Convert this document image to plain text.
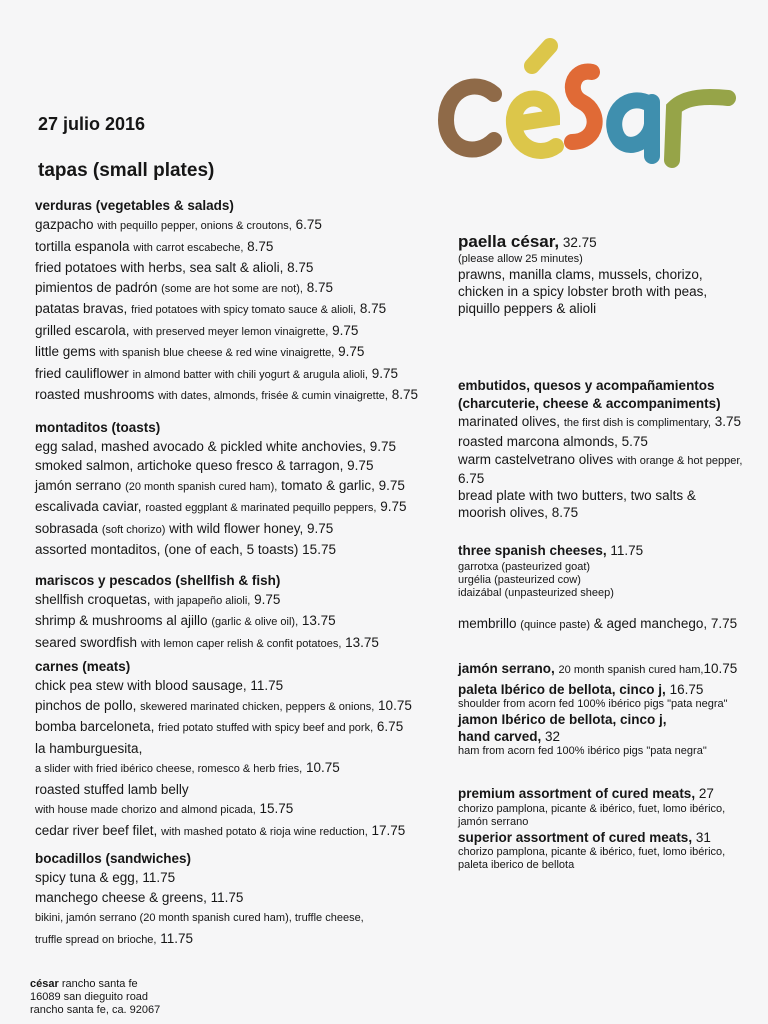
27 julio 2016
tapas (small plates)
verduras (vegetables & salads)
gazpacho with pequillo pepper, onions & croutons, 6.75
tortilla espanola with carrot escabeche, 8.75
fried potatoes with herbs, sea salt & alioli, 8.75
pimientos de padrón (some are hot some are not), 8.75
patatas bravas, fried potatoes with spicy tomato sauce & alioli, 8.75
grilled escarola, with preserved meyer lemon vinaigrette, 9.75
little gems with spanish blue cheese & red wine vinaigrette, 9.75
fried cauliflower in almond batter with chili yogurt & arugula alioli, 9.75
roasted mushrooms with dates, almonds, frisée & cumin vinaigrette, 8.75
montaditos (toasts)
egg salad, mashed avocado & pickled white anchovies, 9.75
smoked salmon, artichoke queso fresco & tarragon, 9.75
jamón serrano (20 month spanish cured ham), tomato & garlic, 9.75
escalivada caviar, roasted eggplant & marinated pequillo peppers, 9.75
sobrasada (soft chorizo) with wild flower honey, 9.75
assorted montaditos, (one of each, 5 toasts) 15.75
mariscos y pescados (shellfish & fish)
shellfish croquetas, with japapeño alioli, 9.75
shrimp & mushrooms al ajillo (garlic & olive oil), 13.75
seared swordfish with lemon caper relish & confit potatoes, 13.75
carnes (meats)
chick pea stew with blood sausage, 11.75
pinchos de pollo, skewered marinated chicken, peppers & onions, 10.75
bomba barceloneta, fried potato stuffed with spicy beef and pork, 6.75
la hamburguesita,
a slider with fried ibérico cheese, romesco & herb fries, 10.75
roasted stuffed lamb belly
with house made chorizo and almond picada, 15.75
cedar river beef filet, with mashed potato & rioja wine reduction, 17.75
bocadillos (sandwiches)
spicy tuna & egg, 11.75
manchego cheese & greens, 11.75
bikini, jamón serrano (20 month spanish cured ham), truffle cheese,
truffle spread on brioche, 11.75
paella césar, 32.75
(please allow 25 minutes)
prawns, manilla clams, mussels, chorizo,
chicken in a spicy lobster broth with peas,
piquillo peppers & alioli
embutidos, quesos y acompañamientos
(charcuterie, cheese & accompaniments)
marinated olives, the first dish is complimentary, 3.75
roasted marcona almonds, 5.75
warm castelvetrano olives with orange & hot pepper,
6.75
bread plate with two butters, two salts &
moorish olives, 8.75
three spanish cheeses, 11.75
garrotxa (pasteurized goat)
urgélia (pasteurized cow)
idaizábal (unpasteurized sheep)
membrillo (quince paste) & aged manchego, 7.75
jamón serrano, 20 month spanish cured ham,10.75
paleta Ibérico de bellota, cinco j, 16.75
shoulder from acorn fed 100% ibérico pigs "pata negra"
jamon Ibérico de bellota, cinco j,
hand carved, 32
ham from acorn fed 100% ibérico pigs "pata negra"
premium assortment of cured meats, 27
chorizo pamplona, picante & ibérico, fuet, lomo ibérico,
jamón serrano
superior assortment of cured meats, 31
chorizo pamplona, picante & ibérico, fuet, lomo ibérico,
paleta iberico de bellota
césar rancho santa fe
16089 san dieguito road
rancho santa fe, ca. 92067
